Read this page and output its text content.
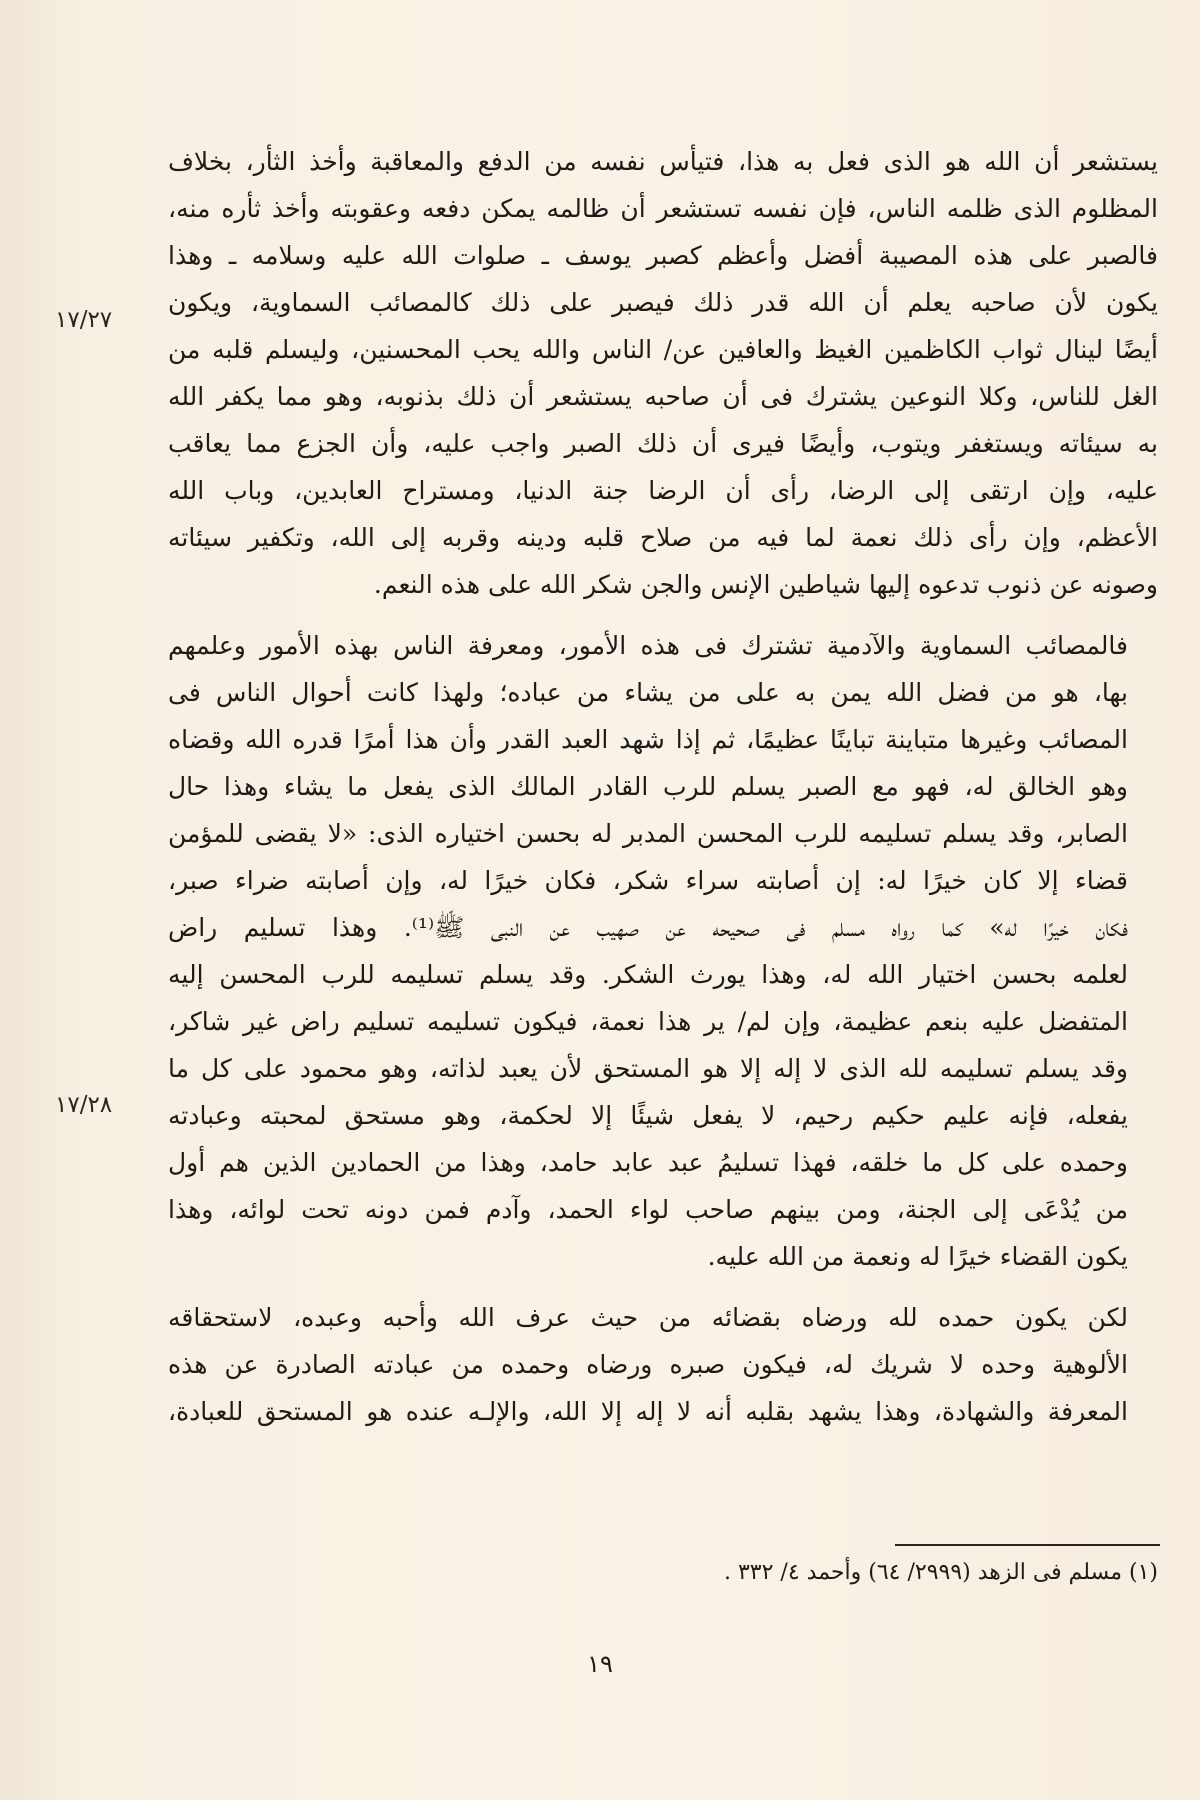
يستشعر أن الله هو الذى فعل به هذا، فتيأس نفسه من الدفع والمعاقبة وأخذ الثأر، بخلاف
المظلوم الذى ظلمه الناس، فإن نفسه تستشعر أن ظالمه يمكن دفعه وعقوبته وأخذ ثأره منه،
فالصبر على هذه المصيبة أفضل وأعظم كصبر يوسف ـ صلوات الله عليه وسلامه ـ وهذا
يكون لأن صاحبه يعلم أن الله قدر ذلك فيصبر على ذلك كالمصائب السماوية، ويكون
أيضًا لينال ثواب الكاظمين الغيظ والعافين عن/ الناس والله يحب المحسنين، وليسلم قلبه من
الغل للناس، وكلا النوعين يشترك فى أن صاحبه يستشعر أن ذلك بذنوبه، وهو مما يكفر الله
به سيئاته ويستغفر ويتوب، وأيضًا فيرى أن ذلك الصبر واجب عليه، وأن الجزع مما يعاقب
عليه، وإن ارتقى إلى الرضا، رأى أن الرضا جنة الدنيا، ومستراح العابدين، وباب الله
الأعظم، وإن رأى ذلك نعمة لما فيه من صلاح قلبه ودينه وقربه إلى الله، وتكفير سيئاته
وصونه عن ذنوب تدعوه إليها شياطين الإنس والجن شكر الله على هذه النعم.
فالمصائب السماوية والآدمية تشترك فى هذه الأمور، ومعرفة الناس بهذه الأمور وعلمهم
بها، هو من فضل الله يمن به على من يشاء من عباده؛ ولهذا كانت أحوال الناس فى
المصائب وغيرها متباينة تباينًا عظيمًا، ثم إذا شهد العبد القدر وأن هذا أمرًا قدره الله وقضاه
وهو الخالق له، فهو مع الصبر يسلم للرب القادر المالك الذى يفعل ما يشاء وهذا حال
الصابر، وقد يسلم تسليمه للرب المحسن المدبر له بحسن اختياره الذى: «لا يقضى للمؤمن
قضاء إلا كان خيرًا له: إن أصابته سراء شكر، فكان خيرًا له، وإن أصابته ضراء صبر،
فكان خيرًا له» كما رواه مسلم فى صحيحه عن صهيب عن النبى ﷺ⁽¹⁾. وهذا تسليم راض
لعلمه بحسن اختيار الله له، وهذا يورث الشكر. وقد يسلم تسليمه للرب المحسن إليه
المتفضل عليه بنعم عظيمة، وإن لم/ ير هذا نعمة، فيكون تسليمه تسليم راض غير شاكر،
وقد يسلم تسليمه لله الذى لا إله إلا هو المستحق لأن يعبد لذاته، وهو محمود على كل ما
يفعله، فإنه عليم حكيم رحيم، لا يفعل شيئًا إلا لحكمة، وهو مستحق لمحبته وعبادته
وحمده على كل ما خلقه، فهذا تسليمُ عبد عابد حامد، وهذا من الحمادين الذين هم أول
من يُدْعَى إلى الجنة، ومن بينهم صاحب لواء الحمد، وآدم فمن دونه تحت لوائه، وهذا
يكون القضاء خيرًا له ونعمة من الله عليه.
لكن يكون حمده لله ورضاه بقضائه من حيث عرف الله وأحبه وعبده، لاستحقاقه
الألوهية وحده لا شريك له، فيكون صبره ورضاه وحمده من عبادته الصادرة عن هذه
المعرفة والشهادة، وهذا يشهد بقلبه أنه لا إله إلا الله، والإلـه عنده هو المستحق للعبادة،
١٧/٢٧
١٧/٢٨
(١) مسلم فى الزهد (٢٩٩٩/ ٦٤) وأحمد ٤/ ٣٣٢ .
١٩
